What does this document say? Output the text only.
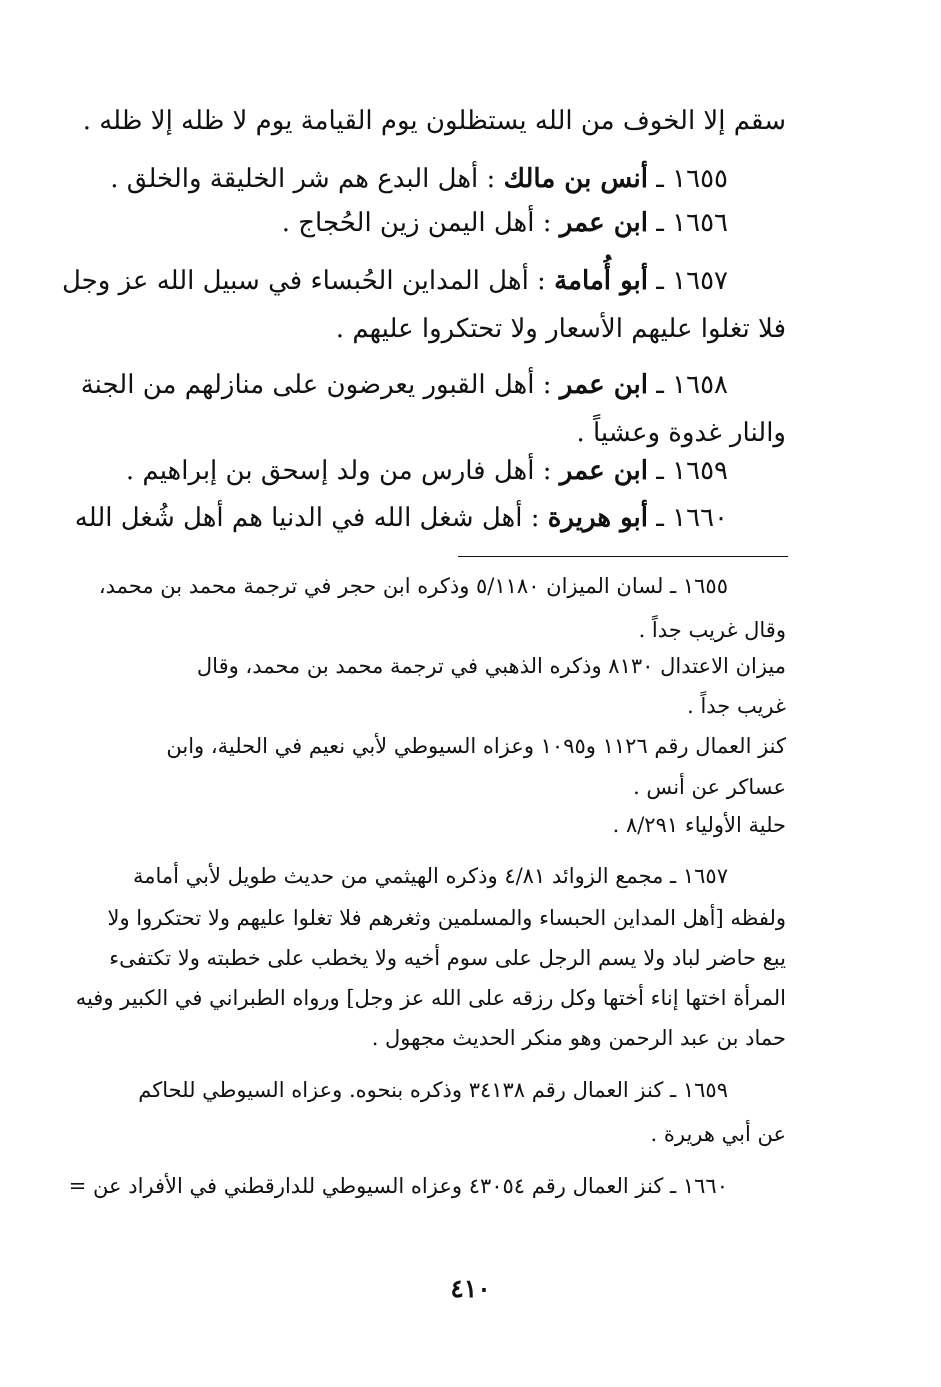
سقم إلا الخوف من الله يستظلون يوم القيامة يوم لا ظله إلا ظله .
١٦٥٥ ـ أنس بن مالك : أهل البدع هم شر الخليقة والخلق .
١٦٥٦ ـ ابن عمر : أهل اليمن زين الحُجاج .
١٦٥٧ ـ أبو أُمامة : أهل المداين الحُبساء في سبيل الله عز وجل
فلا تغلوا عليهم الأسعار ولا تحتكروا عليهم .
١٦٥٨ ـ ابن عمر : أهل القبور يعرضون على منازلهم من الجنة
والنار غدوة وعشياً .
١٦٥٩ ـ ابن عمر : أهل فارس من ولد إسحق بن إبراهيم .
١٦٦٠ ـ أبو هريرة : أهل شغل الله في الدنيا هم أهل شُغل الله
١٦٥٥ ـ لسان الميزان ٥/١١٨٠ وذكره ابن حجر في ترجمة محمد بن محمد،
وقال غريب جداً .
ميزان الاعتدال ٨١٣٠ وذكره الذهبي في ترجمة محمد بن محمد، وقال
غريب جداً .
كنز العمال رقم ١١٢٦ و١٠٩٥ وعزاه السيوطي لأبي نعيم في الحلية، وابن
عساكر عن أنس .
حلية الأولياء ٨/٢٩١ .
١٦٥٧ ـ مجمع الزوائد ٤/٨١ وذكره الهيثمي من حديث طويل لأبي أمامة
ولفظه [أهل المداين الحبساء والمسلمين وثغرهم فلا تغلوا عليهم ولا تحتكروا ولا
يبع حاضر لباد ولا يسم الرجل على سوم أخيه ولا يخطب على خطبته ولا تكتفىء
المرأة اختها إناء أختها وكل رزقه على الله عز وجل] ورواه الطبراني في الكبير وفيه
حماد بن عبد الرحمن وهو منكر الحديث مجهول .
١٦٥٩ ـ كنز العمال رقم ٣٤١٣٨ وذكره بنحوه. وعزاه السيوطي للحاكم
عن أبي هريرة .
١٦٦٠ ـ كنز العمال رقم ٤٣٠٥٤ وعزاه السيوطي للدارقطني في الأفراد عن =
٤١٠
